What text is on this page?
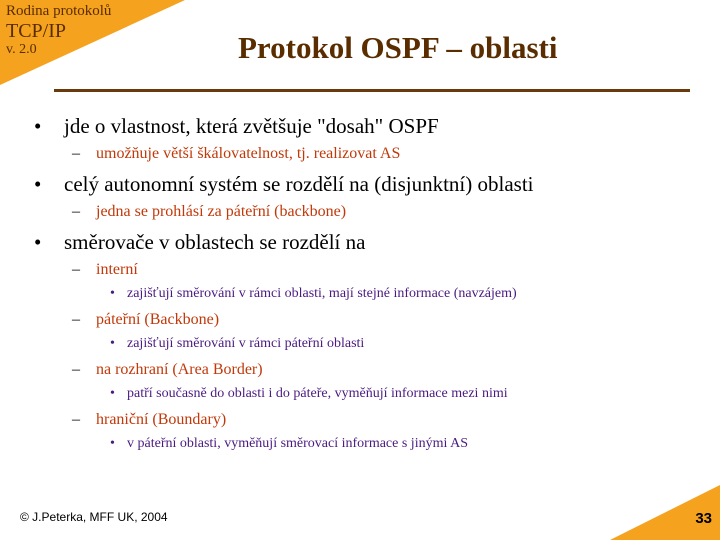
Rodina protokolů
TCP/IP
v. 2.0	Protokol OSPF – oblasti
• jde o vlastnost, která zvětšuje "dosah" OSPF
– umožňuje větší škálovatelnost, tj. realizovat AS
• celý autonomní systém se rozdělí na (disjunktní) oblasti
– jedna se prohlásí za páteřní (backbone)
• směrovače v oblastech se rozdělí na
– interní
• zajišťují směrování v rámci oblasti, mají stejné informace (navzájem)
– páteřní (Backbone)
• zajišťují směrování v rámci páteřní oblasti
– na rozhraní (Area Border)
• patří současně do oblasti i do páteře, vyměňují informace mezi nimi
– hraniční (Boundary)
• v páteřní oblasti, vyměňují směrovací informace s jinými AS
© J.Peterka, MFF UK, 2004	33
